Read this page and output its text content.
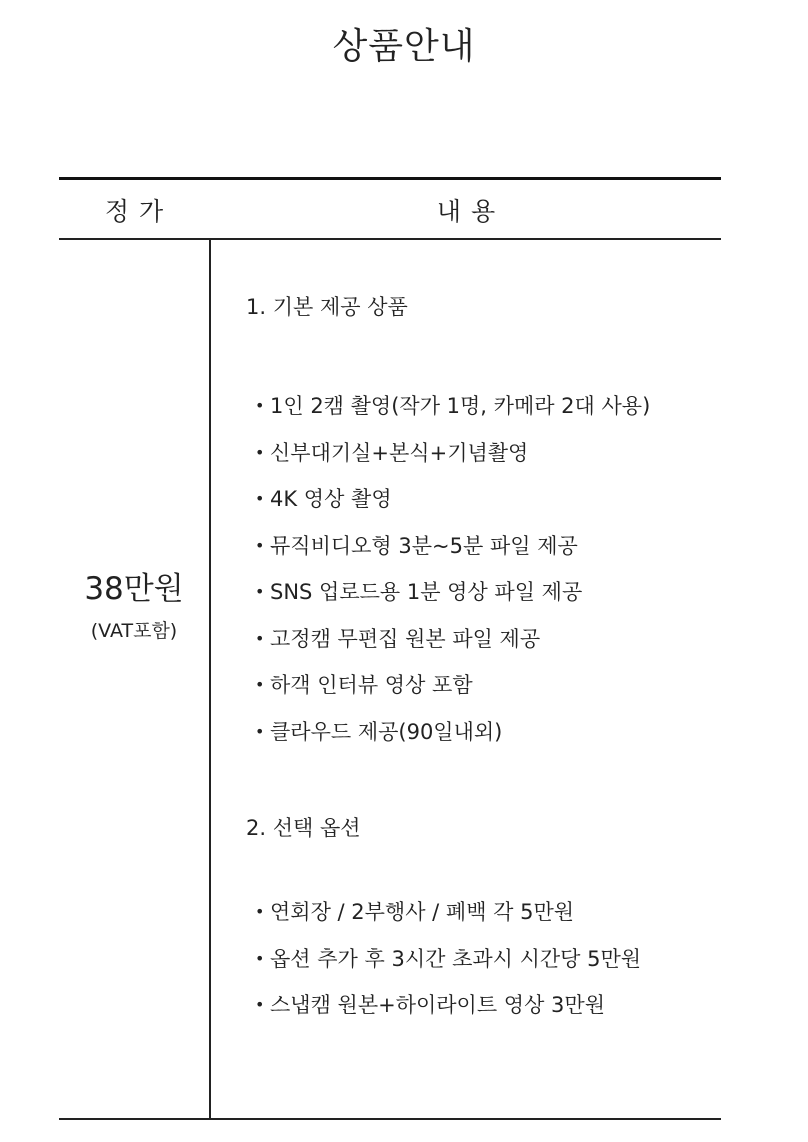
상품안내
정가	내용
38만원
(VAT포함)
1. 기본 제공 상품
• 1인 2캠 촬영(작가 1명, 카메라 2대 사용)
• 신부대기실+본식+기념촬영
• 4K 영상 촬영
• 뮤직비디오형 3분~5분 파일 제공
• SNS 업로드용 1분 영상 파일 제공
• 고정캠 무편집 원본 파일 제공
• 하객 인터뷰 영상 포함
• 클라우드 제공(90일내외)
2. 선택 옵션
• 연회장 / 2부행사 / 폐백 각 5만원
• 옵션 추가 후 3시간 초과시 시간당 5만원
• 스냅캠 원본+하이라이트 영상 3만원
